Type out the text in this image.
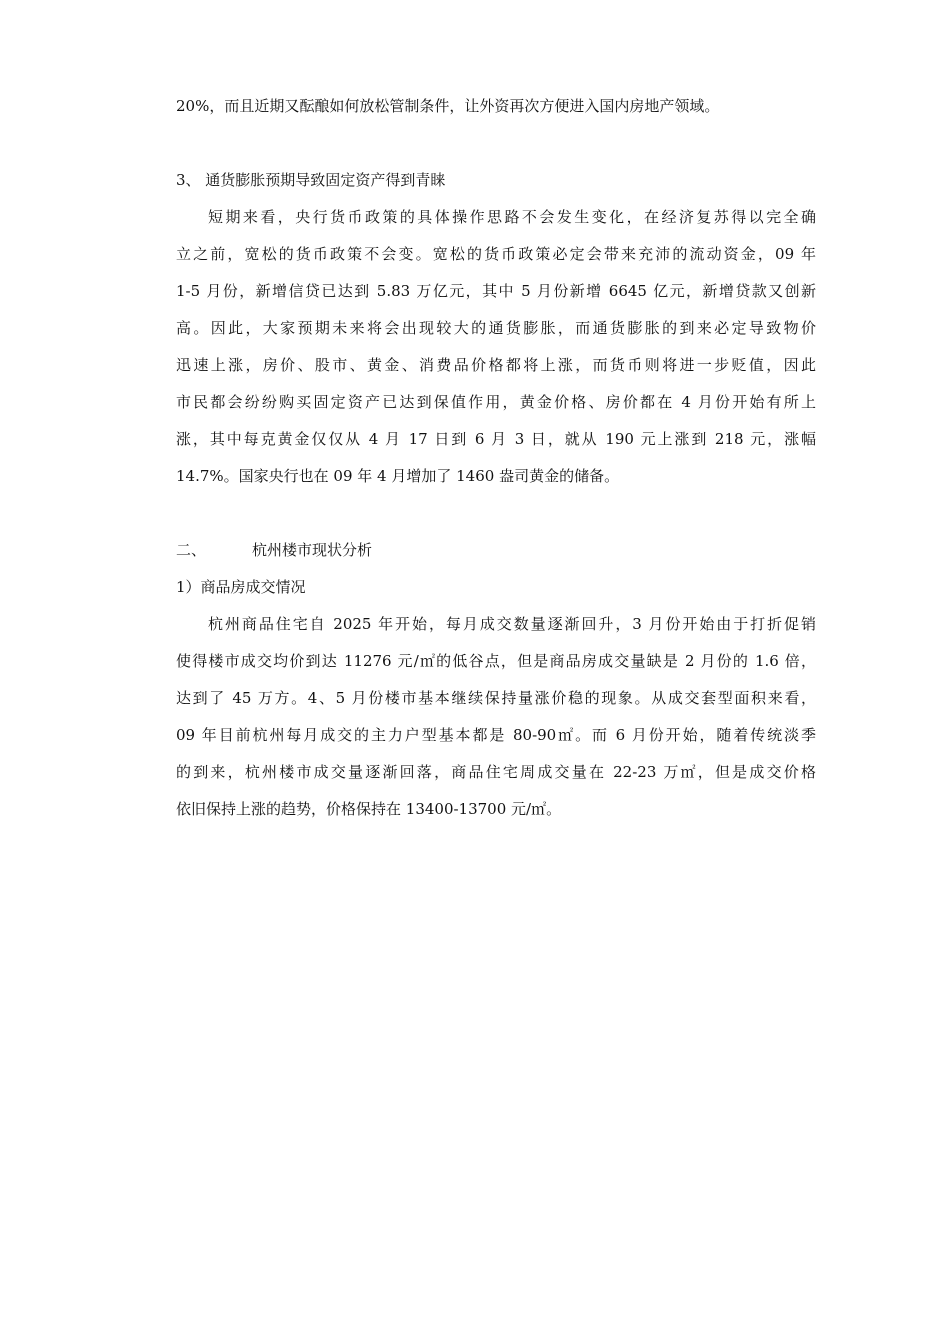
20%，而且近期又酝酿如何放松管制条件，让外资再次方便进入国内房地产领域。
3、 通货膨胀预期导致固定资产得到青睐
短期来看，央行货币政策的具体操作思路不会发生变化，在经济复苏得以完全确
立之前，宽松的货币政策不会变。宽松的货币政策必定会带来充沛的流动资金，09 年
1-5 月份，新增信贷已达到 5.83 万亿元，其中 5 月份新增 6645 亿元，新增贷款又创新
高。因此，大家预期未来将会出现较大的通货膨胀，而通货膨胀的到来必定导致物价
迅速上涨，房价、股市、黄金、消费品价格都将上涨，而货币则将进一步贬值，因此
市民都会纷纷购买固定资产已达到保值作用，黄金价格、房价都在 4 月份开始有所上
涨，其中每克黄金仅仅从 4 月 17 日到 6 月 3 日，就从 190 元上涨到 218 元，涨幅
14.7%。国家央行也在 09 年 4 月增加了 1460 盎司黄金的储备。
二、	杭州楼市现状分析
1）商品房成交情况
杭州商品住宅自 2025 年开始，每月成交数量逐渐回升，3 月份开始由于打折促销
使得楼市成交均价到达 11276 元/㎡的低谷点，但是商品房成交量缺是 2 月份的 1.6 倍，
达到了 45 万方。4、5 月份楼市基本继续保持量涨价稳的现象。从成交套型面积来看，
09 年目前杭州每月成交的主力户型基本都是 80-90㎡。而 6 月份开始，随着传统淡季
的到来，杭州楼市成交量逐渐回落，商品住宅周成交量在 22-23 万㎡，但是成交价格
依旧保持上涨的趋势，价格保持在 13400-13700 元/㎡。
